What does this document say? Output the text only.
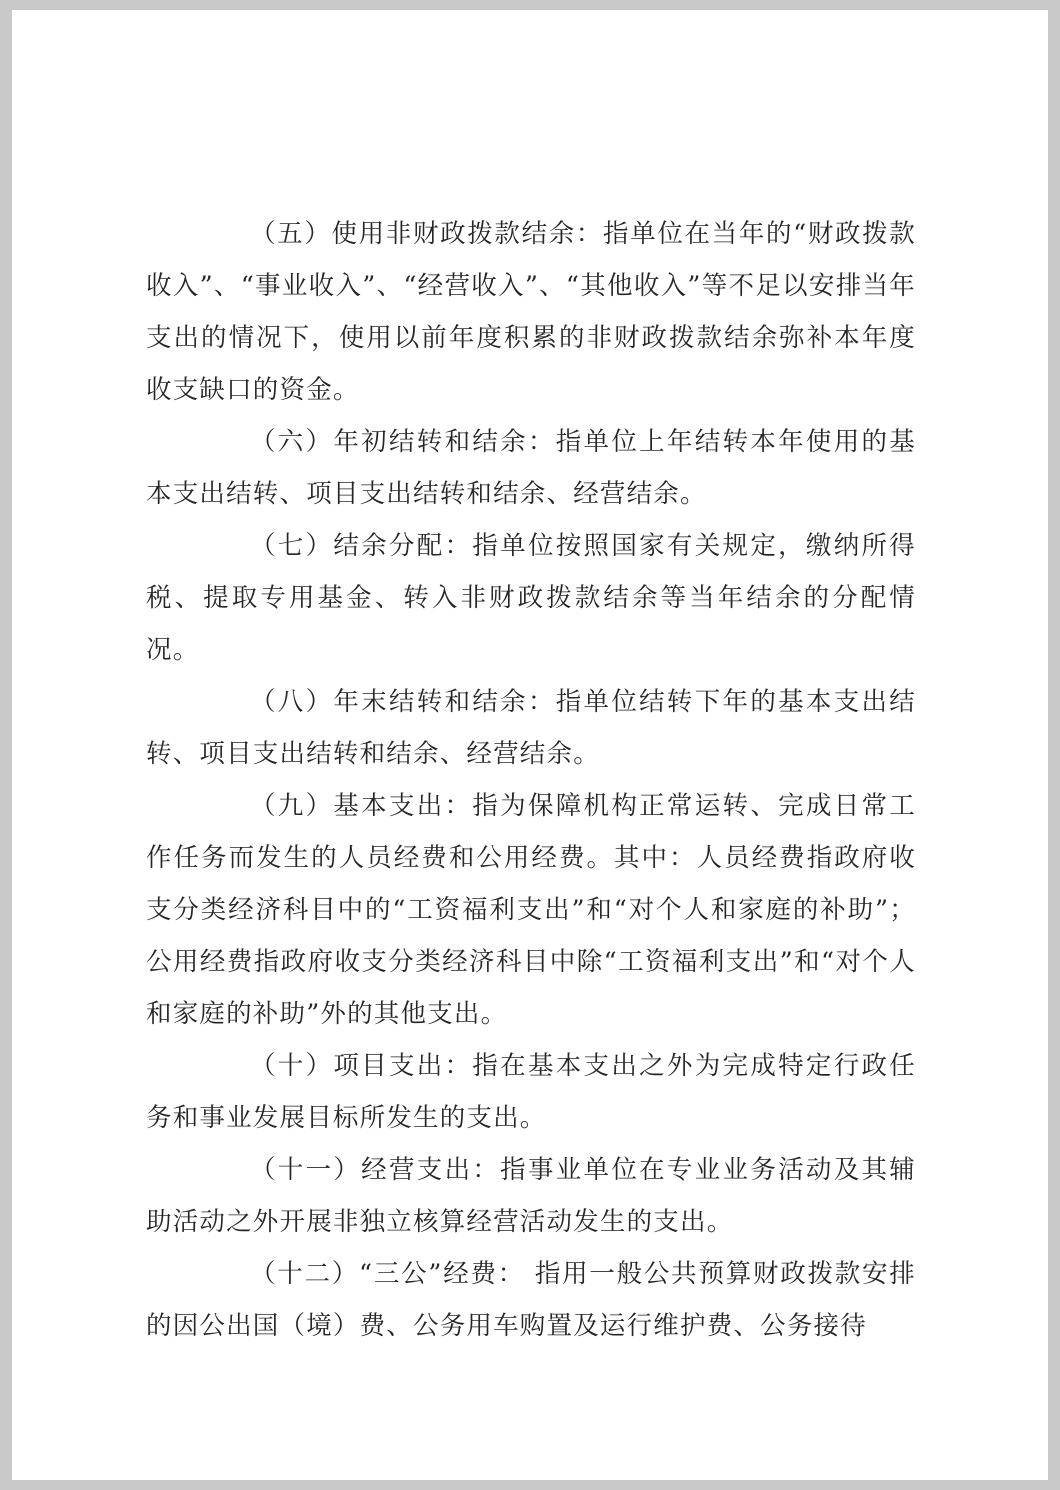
（五）使用非财政拨款结余：指单位在当年的“财政拨款收入”、“事业收入”、“经营收入”、“其他收入”等不足以安排当年支出的情况下，使用以前年度积累的非财政拨款结余弥补本年度收支缺口的资金。

（六）年初结转和结余：指单位上年结转本年使用的基本支出结转、项目支出结转和结余、经营结余。

（七）结余分配：指单位按照国家有关规定，缴纳所得税、提取专用基金、转入非财政拨款结余等当年结余的分配情况。

（八）年末结转和结余：指单位结转下年的基本支出结转、项目支出结转和结余、经营结余。

（九）基本支出：指为保障机构正常运转、完成日常工作任务而发生的人员经费和公用经费。其中：人员经费指政府收支分类经济科目中的“工资福利支出”和“对个人和家庭的补助”；公用经费指政府收支分类经济科目中除“工资福利支出”和“对个人和家庭的补助”外的其他支出。

（十）项目支出：指在基本支出之外为完成特定行政任务和事业发展目标所发生的支出。

（十一）经营支出：指事业单位在专业业务活动及其辅助活动之外开展非独立核算经营活动发生的支出。

（十二）“三公”经费： 指用一般公共预算财政拨款安排的因公出国（境）费、公务用车购置及运行维护费、公务接待
